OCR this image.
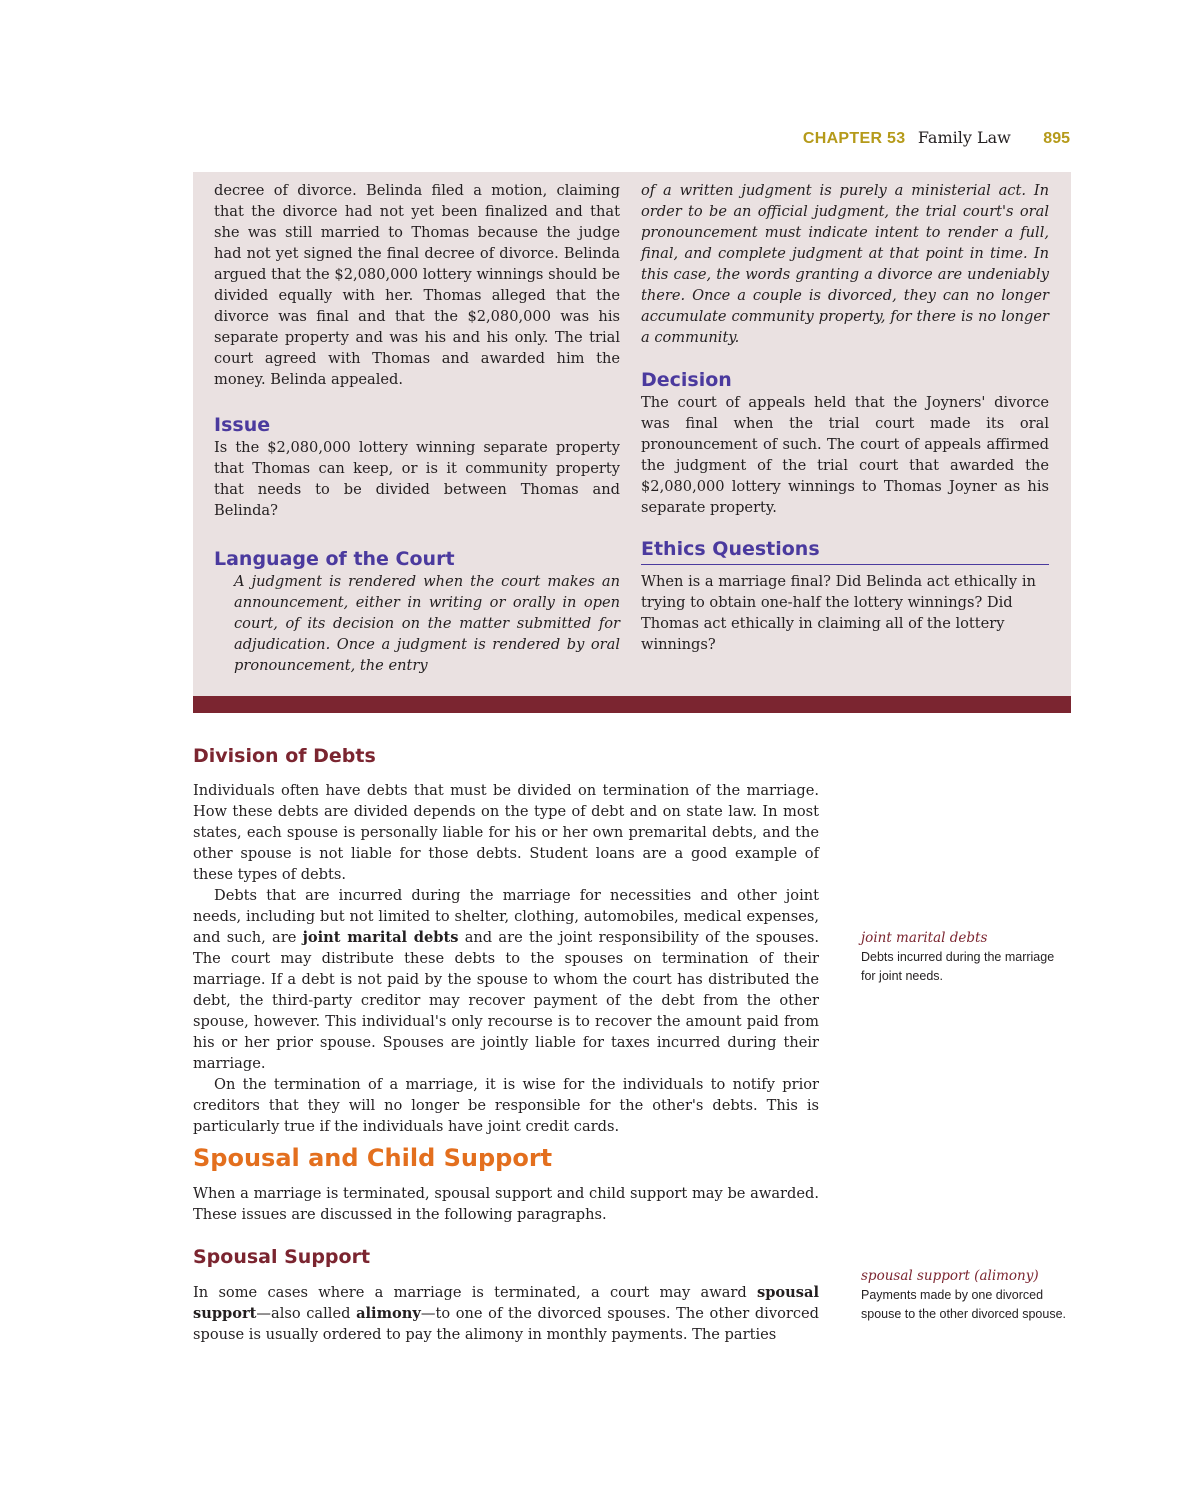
CHAPTER 53 Family Law 895

decree of divorce. Belinda filed a motion, claiming that the divorce had not yet been finalized and that she was still married to Thomas because the judge had not yet signed the final decree of divorce. Belinda argued that the $2,080,000 lottery winnings should be divided equally with her. Thomas alleged that the divorce was final and that the $2,080,000 was his separate property and was his and his only. The trial court agreed with Thomas and awarded him the money. Belinda appealed.

Issue

Is the $2,080,000 lottery winning separate property that Thomas can keep, or is it community property that needs to be divided between Thomas and Belinda?

Language of the Court

A judgment is rendered when the court makes an announcement, either in writing or orally in open court, of its decision on the matter submitted for adjudication. Once a judgment is rendered by oral pronouncement, the entry

of a written judgment is purely a ministerial act. In order to be an official judgment, the trial court's oral pronouncement must indicate intent to render a full, final, and complete judgment at that point in time. In this case, the words granting a divorce are undeniably there. Once a couple is divorced, they can no longer accumulate community property, for there is no longer a community.

Decision

The court of appeals held that the Joyners' divorce was final when the trial court made its oral pronouncement of such. The court of appeals affirmed the judgment of the trial court that awarded the $2,080,000 lottery winnings to Thomas Joyner as his separate property.

Ethics Questions

When is a marriage final? Did Belinda act ethically in trying to obtain one-half the lottery winnings? Did Thomas act ethically in claiming all of the lottery winnings?

Division of Debts

Individuals often have debts that must be divided on termination of the marriage. How these debts are divided depends on the type of debt and on state law. In most states, each spouse is personally liable for his or her own premarital debts, and the other spouse is not liable for those debts. Student loans are a good example of these types of debts.

Debts that are incurred during the marriage for necessities and other joint needs, including but not limited to shelter, clothing, automobiles, medical expenses, and such, are joint marital debts and are the joint responsibility of the spouses. The court may distribute these debts to the spouses on termination of their marriage. If a debt is not paid by the spouse to whom the court has distributed the debt, the third-party creditor may recover payment of the debt from the other spouse, however. This individual's only recourse is to recover the amount paid from his or her prior spouse. Spouses are jointly liable for taxes incurred during their marriage.

On the termination of a marriage, it is wise for the individuals to notify prior creditors that they will no longer be responsible for the other's debts. This is particularly true if the individuals have joint credit cards.

joint marital debts

Debts incurred during the marriage for joint needs.

Spousal and Child Support

When a marriage is terminated, spousal support and child support may be awarded. These issues are discussed in the following paragraphs.

Spousal Support

In some cases where a marriage is terminated, a court may award spousal support—also called alimony—to one of the divorced spouses. The other divorced spouse is usually ordered to pay the alimony in monthly payments. The parties

spousal support (alimony)

Payments made by one divorced spouse to the other divorced spouse.
